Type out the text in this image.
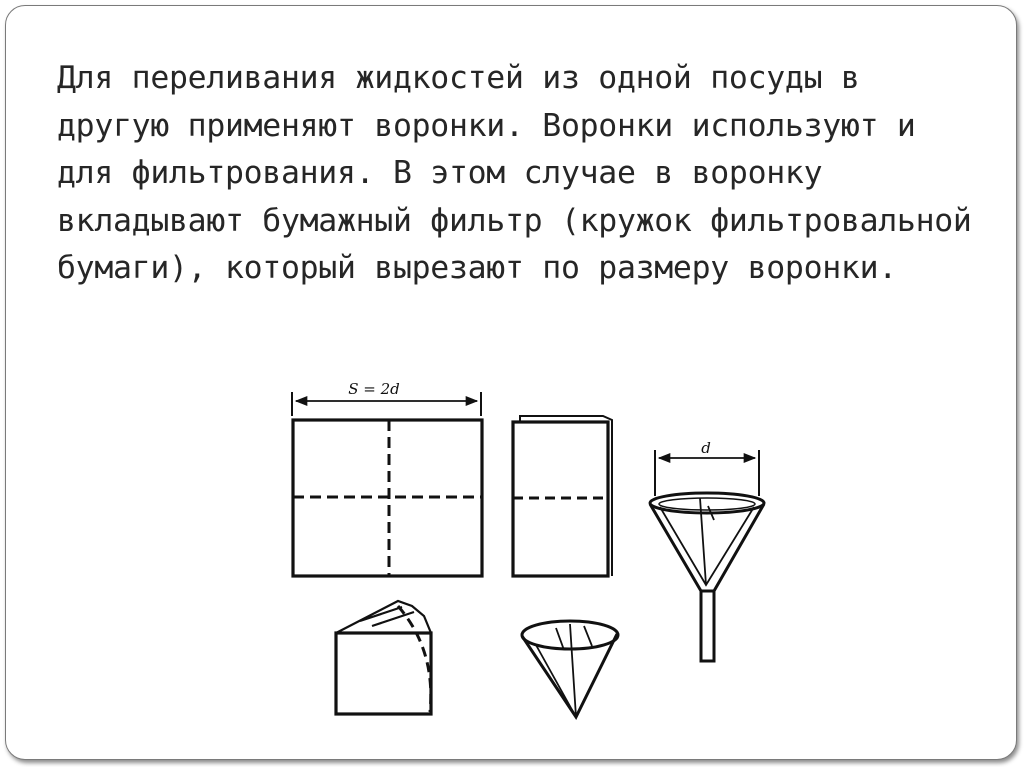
Для переливания жидкостей из одной посуды в другую применяют воронки. Воронки используют и для фильтрования. В этом случае в воронку вкладывают бумажный фильтр (кружок фильтровальной бумаги), который вырезают по размеру воронки.

S = 2d
d
